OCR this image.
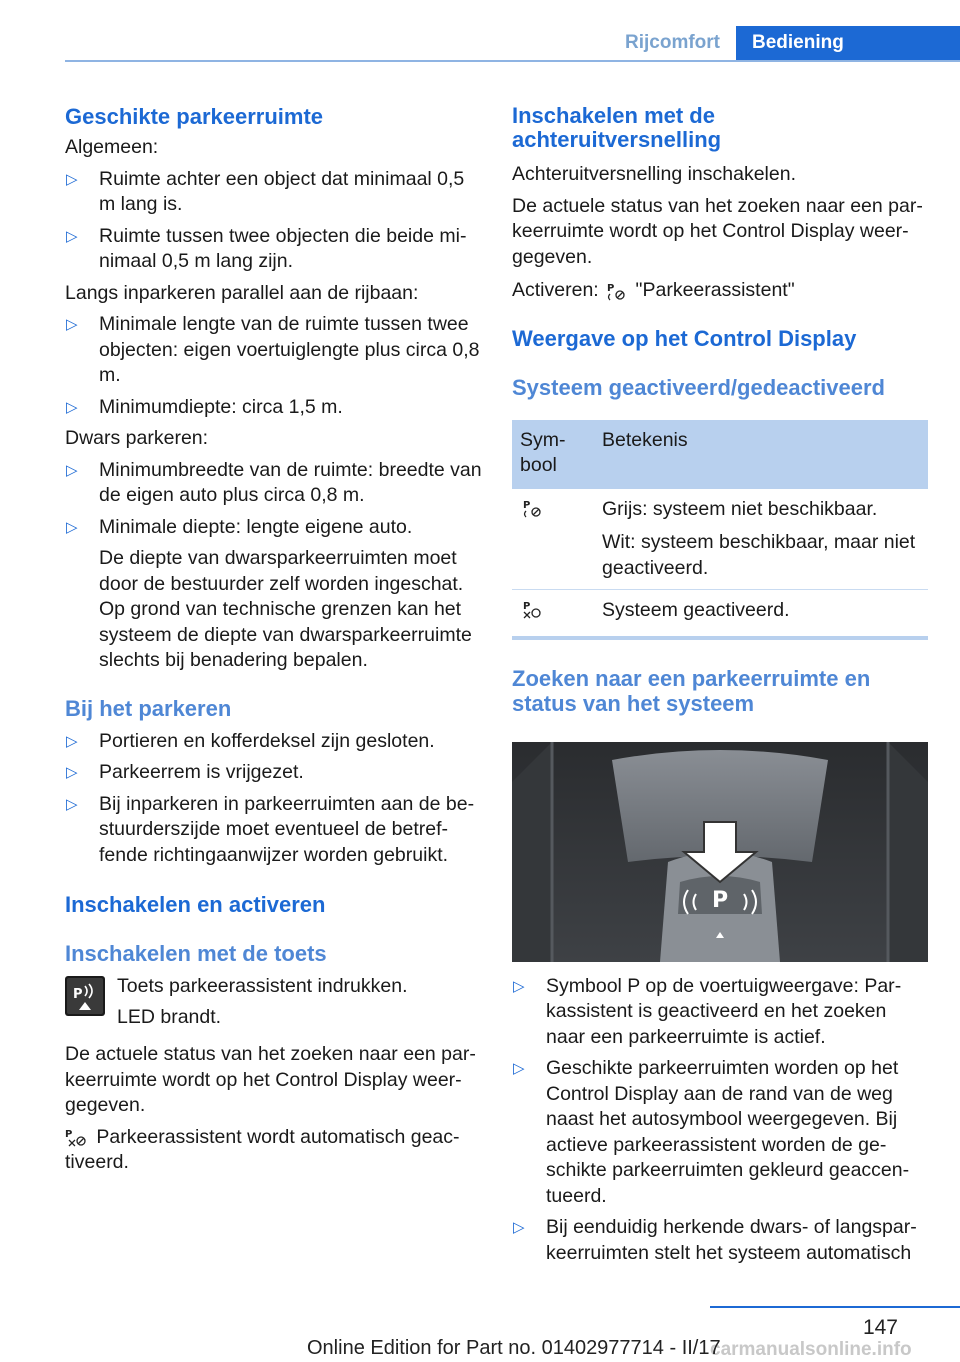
Rijcomfort	Bediening
Geschikte parkeerruimte

Algemeen:

▷ Ruimte achter een object dat minimaal 0,5 m lang is.
▷ Ruimte tussen twee objecten die beide minimaal 0,5 m lang zijn.

Langs inparkeren parallel aan de rijbaan:

▷ Minimale lengte van de ruimte tussen twee objecten: eigen voertuiglengte plus circa 0,8 m.
▷ Minimumdiepte: circa 1,5 m.

Dwars parkeren:

▷ Minimumbreedte van de ruimte: breedte van de eigen auto plus circa 0,8 m.
▷ Minimale diepte: lengte eigene auto.

De diepte van dwarsparkeerruimten moet door de bestuurder zelf worden ingeschat. Op grond van technische grenzen kan het systeem de diepte van dwarsparkeerruimte slechts bij benadering bepalen.

Bij het parkeren
▷ Portieren en kofferdeksel zijn gesloten.
▷ Parkeerrem is vrijgezet.
▷ Bij inparkeren in parkeerruimten aan de bestuurderszijde moet eventueel de betreffende richtingaanwijzer worden gebruikt.
Inschakelen en activeren
Inschakelen met de toets
P Toets parkeerassistent indrukken.

LED brandt.

De actuele status van het zoeken naar een parkeerruimte wordt op het Control Display weergegeven.

P Parkeerassistent wordt automatisch geactiveerd.

Inschakelen met de achteruitversnelling

Achteruitversnelling inschakelen.

De actuele status van het zoeken naar een parkeerruimte wordt op het Control Display weergegeven.

Activeren: P "Parkeerassistent"

Weergave op het Control Display
Systeem geactiveerd/gedeactiveerd
Symbool	Betekenis

P	Grijs: systeem niet beschikbaar.

Wit: systeem beschikbaar, maar niet geactiveerd.

P	Systeem geactiveerd.
Zoeken naar een parkeerruimte en status van het systeem
P
▷ Symbool P op de voertuigweergave: Parkassistent is geactiveerd en het zoeken naar een parkeerruimte is actief.
▷ Geschikte parkeerruimten worden op het Control Display aan de rand van de weg naast het autosymbool weergegeven. Bij actieve parkeerassistent worden de geschikte parkeerruimten gekleurd geaccentueerd.
▷ Bij eenduidig herkende dwars- of langsparkeerruimten stelt het systeem automatisch
147
carmanualsonline.info
Online Edition for Part no. 01402977714 - II/17
